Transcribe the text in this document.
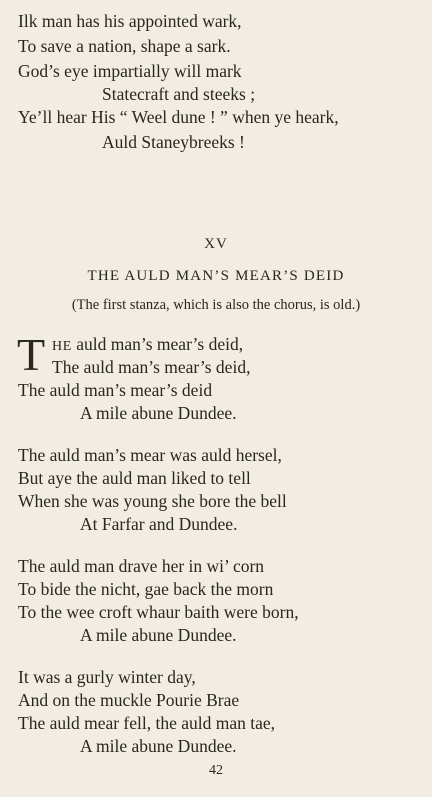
Ilk man has his appointed wark,
To save a nation, shape a sark.
God’s eye impartially will mark
Statecraft and steeks ;
Ye’ll hear His “ Weel dune ! ” when ye heark,
Auld Staneybreeks !
XV
THE AULD MAN’S MEAR’S DEID
(The first stanza, which is also the chorus, is old.)
T HE auld man’s mear’s deid,
The auld man’s mear’s deid,
The auld man’s mear’s deid
A mile abune Dundee.
The auld man’s mear was auld hersel,
But aye the auld man liked to tell
When she was young she bore the bell
At Farfar and Dundee.
The auld man drave her in wi’ corn
To bide the nicht, gae back the morn
To the wee croft whaur baith were born,
A mile abune Dundee.
It was a gurly winter day,
And on the muckle Pourie Brae
The auld mear fell, the auld man tae,
A mile abune Dundee.
42
